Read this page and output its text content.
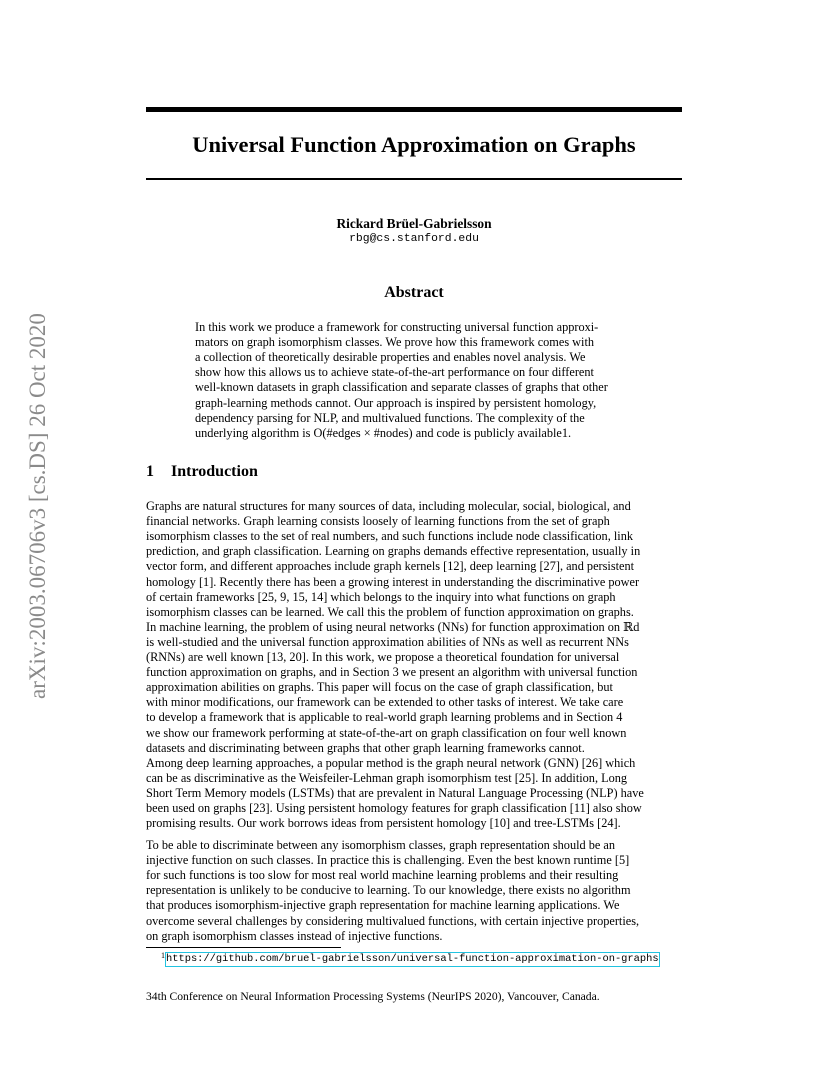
arXiv:2003.06706v3 [cs.DS] 26 Oct 2020
Universal Function Approximation on Graphs
Rickard Brüel-Gabrielsson
rbg@cs.stanford.edu
Abstract
In this work we produce a framework for constructing universal function approxi-
mators on graph isomorphism classes. We prove how this framework comes with
a collection of theoretically desirable properties and enables novel analysis. We
show how this allows us to achieve state-of-the-art performance on four different
well-known datasets in graph classification and separate classes of graphs that other
graph-learning methods cannot. Our approach is inspired by persistent homology,
dependency parsing for NLP, and multivalued functions. The complexity of the
underlying algorithm is O(#edges × #nodes) and code is publicly available1.
1 Introduction
Graphs are natural structures for many sources of data, including molecular, social, biological, and
financial networks. Graph learning consists loosely of learning functions from the set of graph
isomorphism classes to the set of real numbers, and such functions include node classification, link
prediction, and graph classification. Learning on graphs demands effective representation, usually in
vector form, and different approaches include graph kernels [12], deep learning [27], and persistent
homology [1]. Recently there has been a growing interest in understanding the discriminative power
of certain frameworks [25, 9, 15, 14] which belongs to the inquiry into what functions on graph
isomorphism classes can be learned. We call this the problem of function approximation on graphs.
In machine learning, the problem of using neural networks (NNs) for function approximation on ℝd
is well-studied and the universal function approximation abilities of NNs as well as recurrent NNs
(RNNs) are well known [13, 20]. In this work, we propose a theoretical foundation for universal
function approximation on graphs, and in Section 3 we present an algorithm with universal function
approximation abilities on graphs. This paper will focus on the case of graph classification, but
with minor modifications, our framework can be extended to other tasks of interest. We take care
to develop a framework that is applicable to real-world graph learning problems and in Section 4
we show our framework performing at state-of-the-art on graph classification on four well known
datasets and discriminating between graphs that other graph learning frameworks cannot.
Among deep learning approaches, a popular method is the graph neural network (GNN) [26] which
can be as discriminative as the Weisfeiler-Lehman graph isomorphism test [25]. In addition, Long
Short Term Memory models (LSTMs) that are prevalent in Natural Language Processing (NLP) have
been used on graphs [23]. Using persistent homology features for graph classification [11] also show
promising results. Our work borrows ideas from persistent homology [10] and tree-LSTMs [24].
To be able to discriminate between any isomorphism classes, graph representation should be an
injective function on such classes. In practice this is challenging. Even the best known runtime [5]
for such functions is too slow for most real world machine learning problems and their resulting
representation is unlikely to be conducive to learning. To our knowledge, there exists no algorithm
that produces isomorphism-injective graph representation for machine learning applications. We
overcome several challenges by considering multivalued functions, with certain injective properties,
on graph isomorphism classes instead of injective functions.
1 https://github.com/bruel-gabrielsson/universal-function-approximation-on-graphs
34th Conference on Neural Information Processing Systems (NeurIPS 2020), Vancouver, Canada.
